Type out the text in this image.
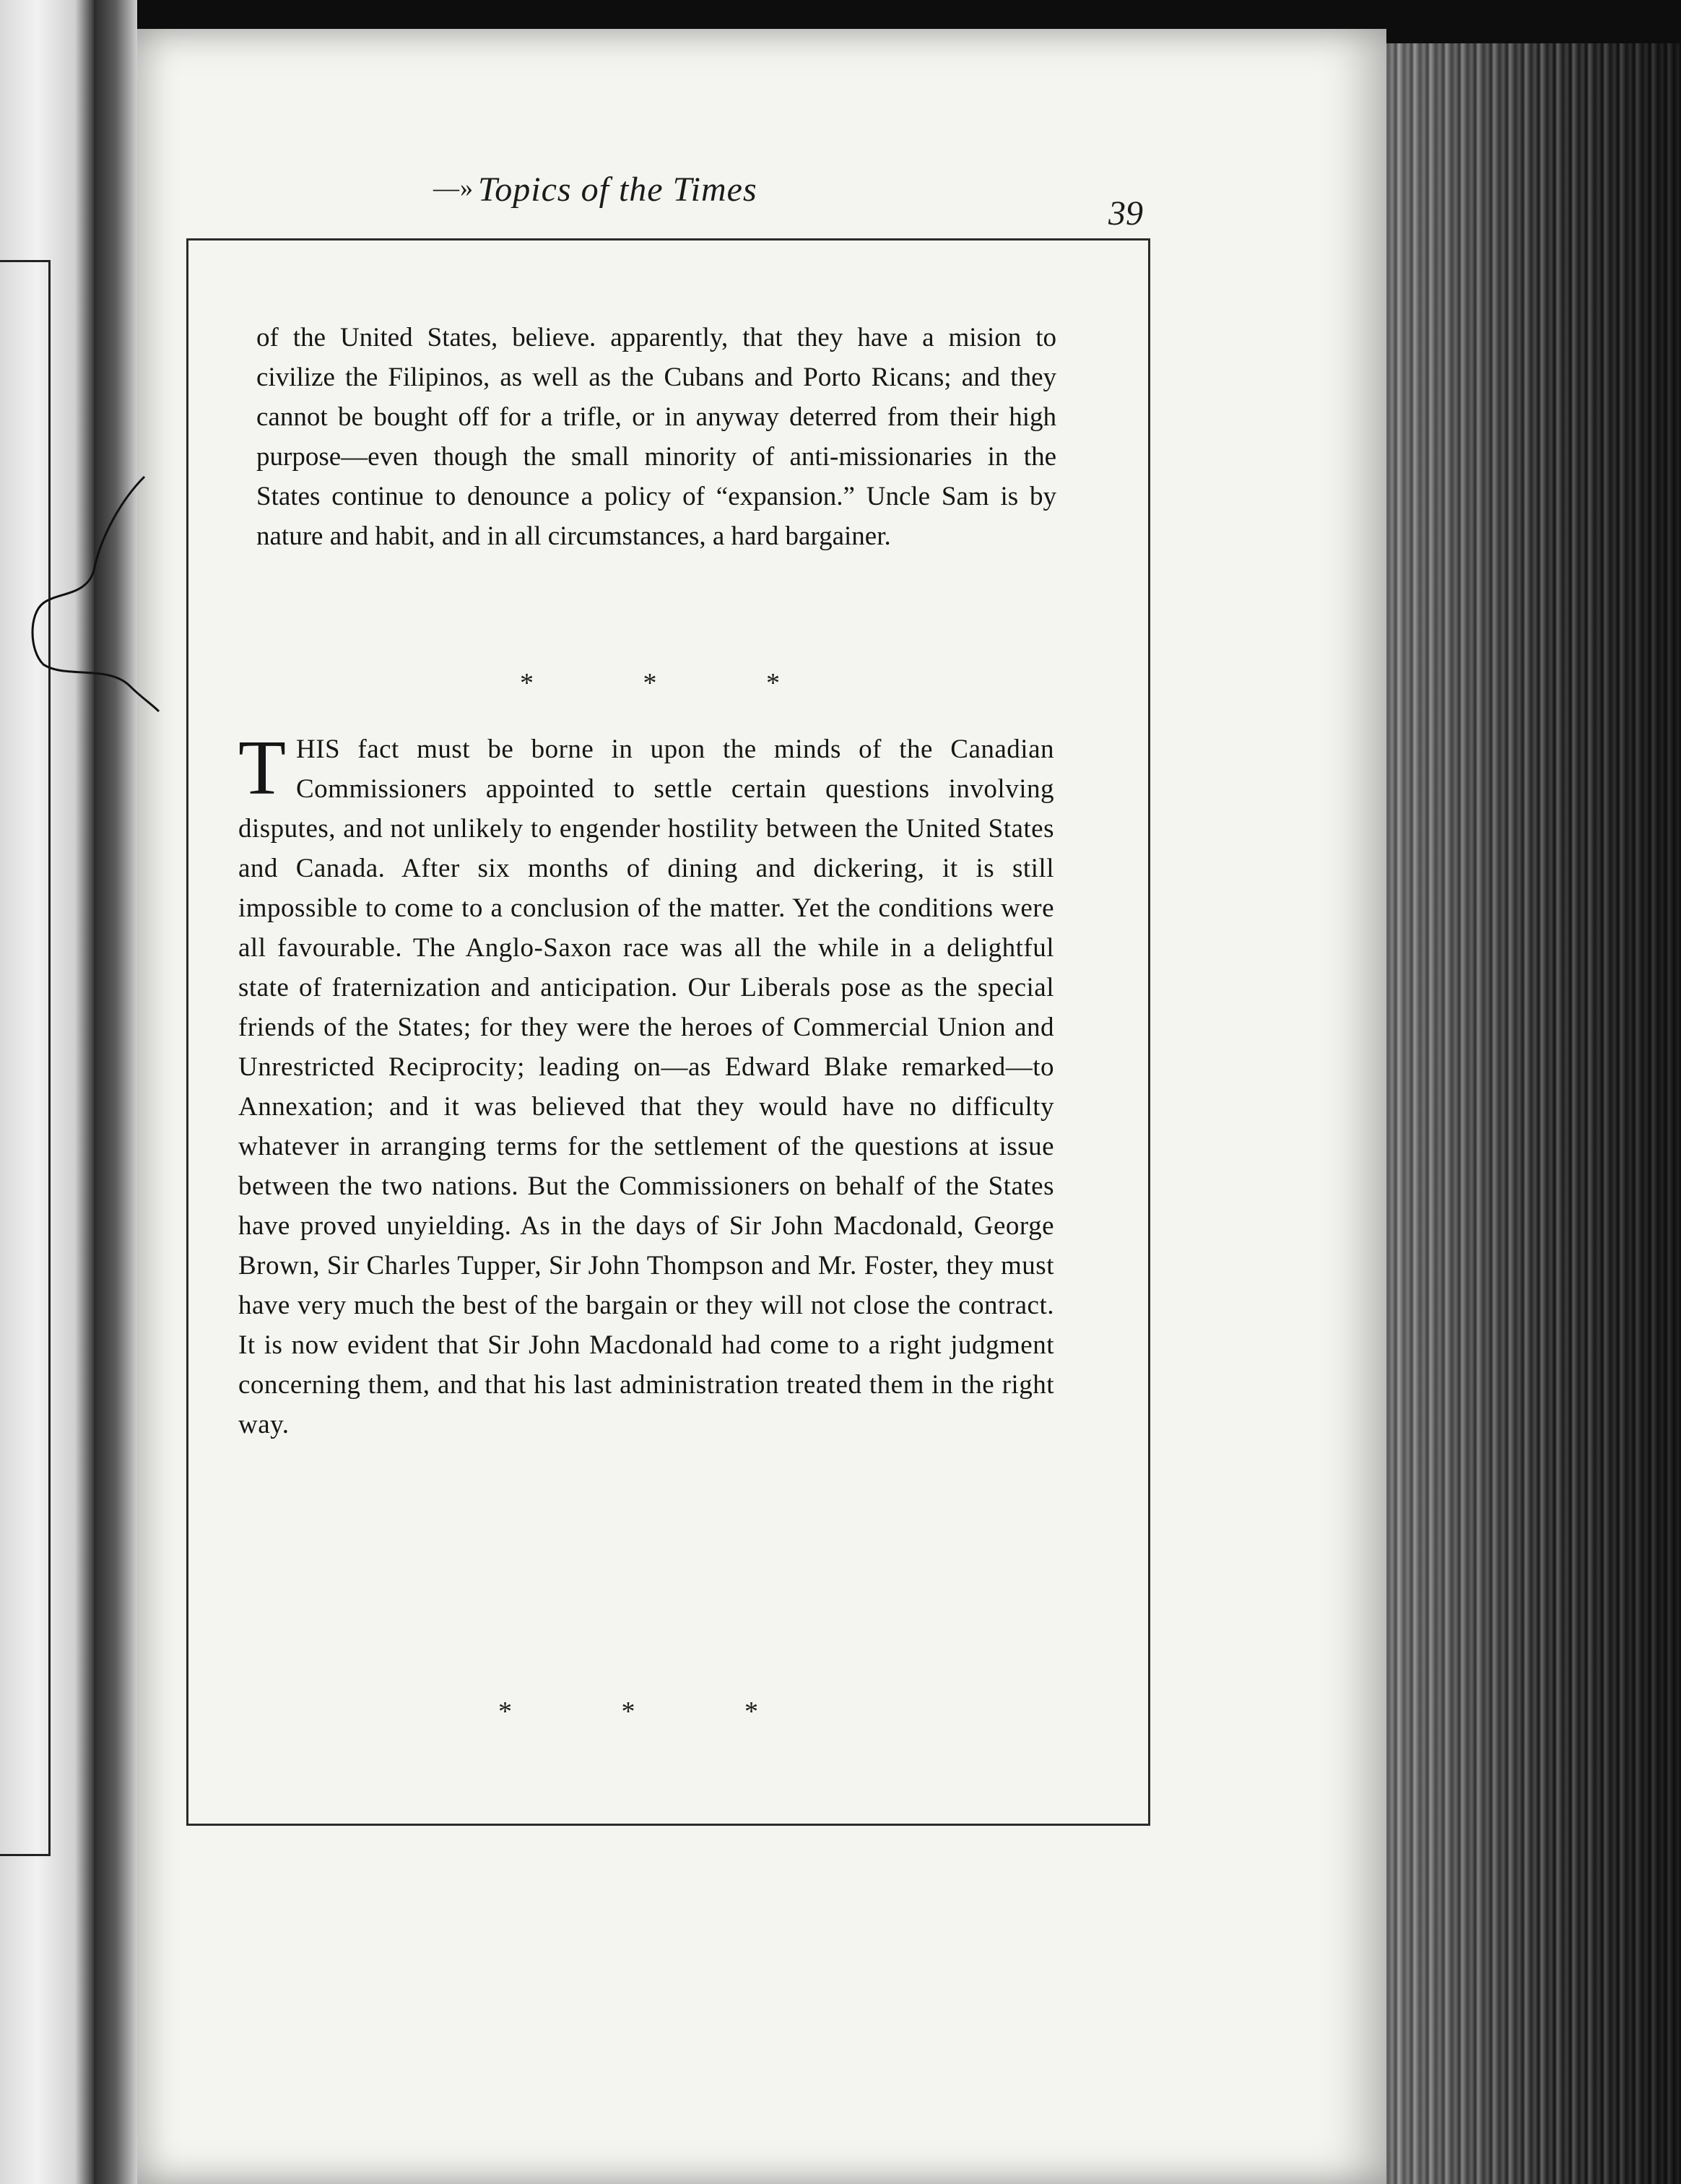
—» Topics of the Times
39

of the United States, believe. apparently, that they have a mision to civilize the Filipinos, as well as the Cubans and Porto Ricans; and they cannot be bought off for a trifle, or in anyway deterred from their high purpose—even though the small minority of anti-missionaries in the States continue to denounce a policy of “expansion.” Uncle Sam is by nature and habit, and in all circumstances, a hard bargainer.

*	*	*

THIS fact must be borne in upon the minds of the Canadian Commissioners appointed to settle certain questions involving disputes, and not unlikely to engender hostility between the United States and Canada. After six months of dining and dickering, it is still impossible to come to a conclusion of the matter. Yet the conditions were all favourable. The Anglo-Saxon race was all the while in a delightful state of fraternization and anticipation. Our Liberals pose as the special friends of the States; for they were the heroes of Commercial Union and Unrestricted Reciprocity; leading on—as Edward Blake remarked—to Annexation; and it was believed that they would have no difficulty whatever in arranging terms for the settlement of the questions at issue between the two nations. But the Commissioners on behalf of the States have proved unyielding. As in the days of Sir John Macdonald, George Brown, Sir Charles Tupper, Sir John Thompson and Mr. Foster, they must have very much the best of the bargain or they will not close the contract. It is now evident that Sir John Macdonald had come to a right judgment concerning them, and that his last administration treated them in the right way.

*	*	*
